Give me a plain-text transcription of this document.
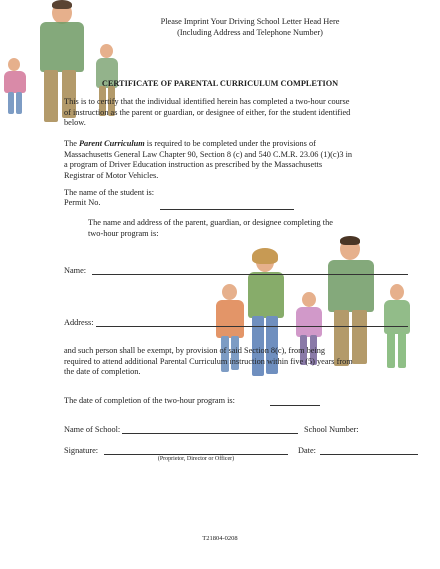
Please Imprint Your Driving School Letter Head Here
(Including Address and Telephone Number)
CERTIFICATE OF PARENTAL CURRICULUM COMPLETION
This is to certify that the individual identified herein has completed a two-hour course
of instruction as the parent or guardian, or designee of either, for the student identified
below.
The Parent Curriculum is required to be completed under the provisions of
Massachusetts General Law Chapter 90, Section 8 (c) and 540 C.M.R. 23.06 (1)(c)3 in
a program of Driver Education instruction as prescribed by the Massachusetts
Registrar of Motor Vehicles.
The name of the student is:
Permit No.
The name and address of the parent, guardian, or designee completing the
two-hour program is:
Name:
Address:
and such person shall be exempt, by provision of said Section 8(c), from being
required to attend additional Parental Curriculum instruction within five (5) years from
the date of completion.
The date of completion of the two-hour program is:
Name of School:	School Number:
Signature:
(Proprietor, Director or Officer)
Date:
T21804-0208
